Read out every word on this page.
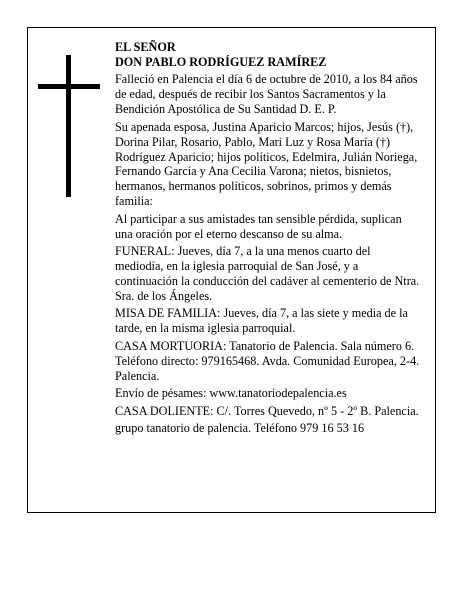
EL SEÑOR
DON PABLO RODRÍGUEZ RAMÍREZ

Falleció en Palencia el día 6 de octubre de 2010, a los 84 años de edad, después de recibir los Santos Sacramentos y la Bendición Apostólica de Su Santidad D. E. P.

Su apenada esposa, Justina Aparicio Marcos; hijos, Jesús (†), Dorina Pilar, Rosario, Pablo, Mari Luz y Rosa María (†) Rodríguez Aparicio; hijos políticos, Edelmira, Julián Noriega, Fernando García y Ana Cecilia Varona; nietos, bisnietos, hermanos, hermanos políticos, sobrinos, primos y demás familia:

Al participar a sus amistades tan sensible pérdida, suplican una oración por el eterno descanso de su alma.

FUNERAL: Jueves, día 7, a la una menos cuarto del mediodía, en la iglesia parroquial de San José, y a continuación la conducción del cadáver al cementerio de Ntra. Sra. de los Ángeles.

MISA DE FAMILIA: Jueves, día 7, a las siete y media de la tarde, en la misma iglesia parroquial.

CASA MORTUORIA: Tanatorio de Palencia. Sala número 6. Teléfono directo: 979165468. Avda. Comunidad Europea, 2-4. Palencia.

Envío de pésames: www.tanatoriodepalencia.es

CASA DOLIENTE: C/. Torres Quevedo, nº 5 - 2º B. Palencia.

grupo tanatorio de palencia. Teléfono 979 16 53 16
